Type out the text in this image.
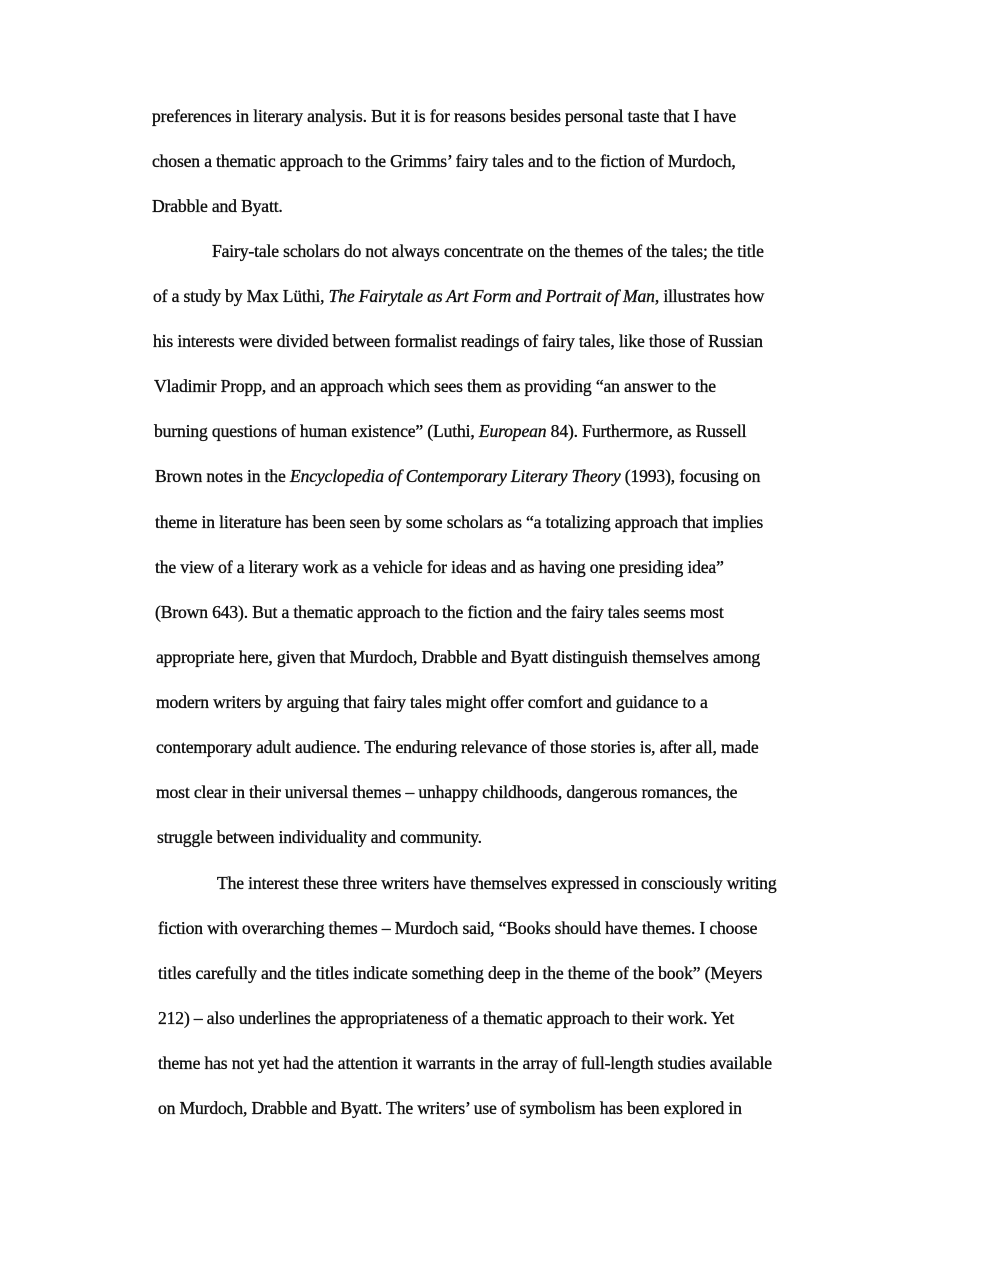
preferences in literary analysis. But it is for reasons besides personal taste that I have
chosen a thematic approach to the Grimms’ fairy tales and to the fiction of Murdoch,
Drabble and Byatt.
Fairy-tale scholars do not always concentrate on the themes of the tales; the title
of a study by Max Lüthi, The Fairytale as Art Form and Portrait of Man, illustrates how
his interests were divided between formalist readings of fairy tales, like those of Russian
Vladimir Propp, and an approach which sees them as providing “an answer to the
burning questions of human existence” (Luthi, European 84). Furthermore, as Russell
Brown notes in the Encyclopedia of Contemporary Literary Theory (1993), focusing on
theme in literature has been seen by some scholars as “a totalizing approach that implies
the view of a literary work as a vehicle for ideas and as having one presiding idea”
(Brown 643). But a thematic approach to the fiction and the fairy tales seems most
appropriate here, given that Murdoch, Drabble and Byatt distinguish themselves among
modern writers by arguing that fairy tales might offer comfort and guidance to a
contemporary adult audience. The enduring relevance of those stories is, after all, made
most clear in their universal themes – unhappy childhoods, dangerous romances, the
struggle between individuality and community.
The interest these three writers have themselves expressed in consciously writing
fiction with overarching themes – Murdoch said, “Books should have themes. I choose
titles carefully and the titles indicate something deep in the theme of the book” (Meyers
212) – also underlines the appropriateness of a thematic approach to their work. Yet
theme has not yet had the attention it warrants in the array of full-length studies available
on Murdoch, Drabble and Byatt. The writers’ use of symbolism has been explored in
